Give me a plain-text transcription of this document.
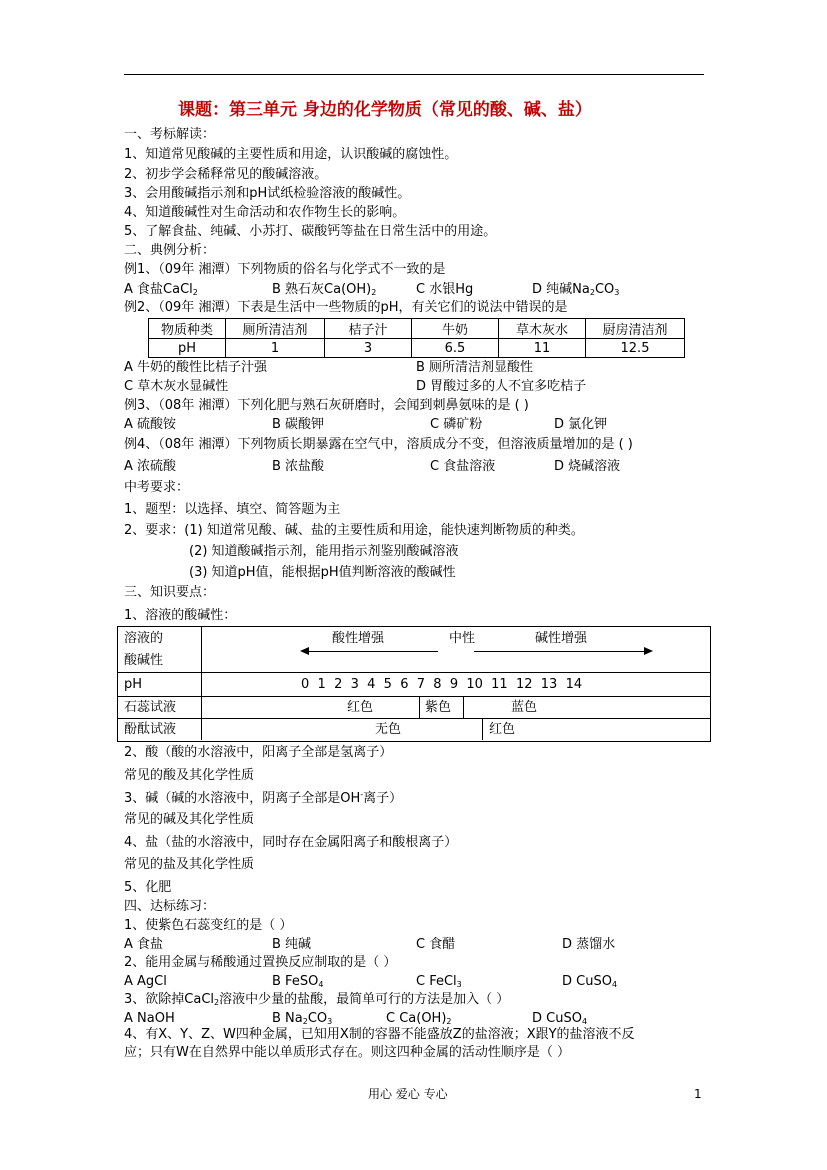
课题：第三单元 身边的化学物质（常见的酸、碱、盐）
一、考标解读：
1、知道常见酸碱的主要性质和用途，认识酸碱的腐蚀性。
2、初步学会稀释常见的酸碱溶液。
3、会用酸碱指示剂和pH试纸检验溶液的酸碱性。
4、知道酸碱性对生命活动和农作物生长的影响。
5、了解食盐、纯碱、小苏打、碳酸钙等盐在日常生活中的用途。
二、典例分析：
例1、（09年 湘潭）下列物质的俗名与化学式不一致的是
A 食盐CaCl$_2$	B 熟石灰$Ca(OH)_2$	C 水银Hg	D 纯碱$Na_2CO_3$
例2、（09年 湘潭）下表是生活中一些物质的pH，有关它们的说法中错误的是
物质种类	厕所清洁剂	桔子汁	牛奶	草木灰水	厨房清洁剂
pH	1	3	6.5	11	12.5
A 牛奶的酸性比桔子汁强	B 厕所清洁剂显酸性
C 草木灰水显碱性	D 胃酸过多的人不宜多吃桔子
例3、（08年 湘潭）下列化肥与熟石灰研磨时，会闻到刺鼻氨味的是 ( )
A 硫酸铵	B 碳酸钾	C 磷矿粉	D 氯化钾
例4、（08年 湘潭）下列物质长期暴露在空气中，溶质成分不变，但溶液质量增加的是 ( )
A 浓硫酸	B 浓盐酸	C 食盐溶液	D 烧碱溶液
中考要求：
1、题型：以选择、填空、简答题为主
2、要求：(1) 知道常见酸、碱、盐的主要性质和用途，能快速判断物质的种类。
(2) 知道酸碱指示剂，能用指示剂鉴别酸碱溶液
(3) 知道pH值，能根据pH值判断溶液的酸碱性
三、知识要点：
1、溶液的酸碱性：
溶液的
酸碱性
酸性增强	中性	碱性增强
pH	0  1  2  3  4  5  6  7  8  9  10  11  12  13  14
石蕊试液	红色	紫色	蓝色
酚酞试液	无色	红色
2、酸（酸的水溶液中，阳离子全部是氢离子）
常见的酸及其化学性质
3、碱（碱的水溶液中，阴离子全部是OH-离子）
常见的碱及其化学性质
4、盐（盐的水溶液中，同时存在金属阳离子和酸根离子）
常见的盐及其化学性质
5、化肥
四、达标练习：
1、使紫色石蕊变红的是（ ）
A 食盐	B 纯碱	C 食醋	D 蒸馏水
2、能用金属与稀酸通过置换反应制取的是（ ）
A AgCl	B FeSO$_4$	C FeCl$_3$	D CuSO$_4$
3、欲除掉CaCl$_2$溶液中少量的盐酸，最简单可行的方法是加入（ ）
A NaOH	B $Na_2CO_3$	C $Ca(OH)_2$	D CuSO$_4$
4、有X、Y、Z、W四种金属，已知用X制的容器不能盛放Z的盐溶液；X跟Y的盐溶液不反
应；只有W在自然界中能以单质形式存在。则这四种金属的活动性顺序是（ ）
用心 爱心 专心	1
